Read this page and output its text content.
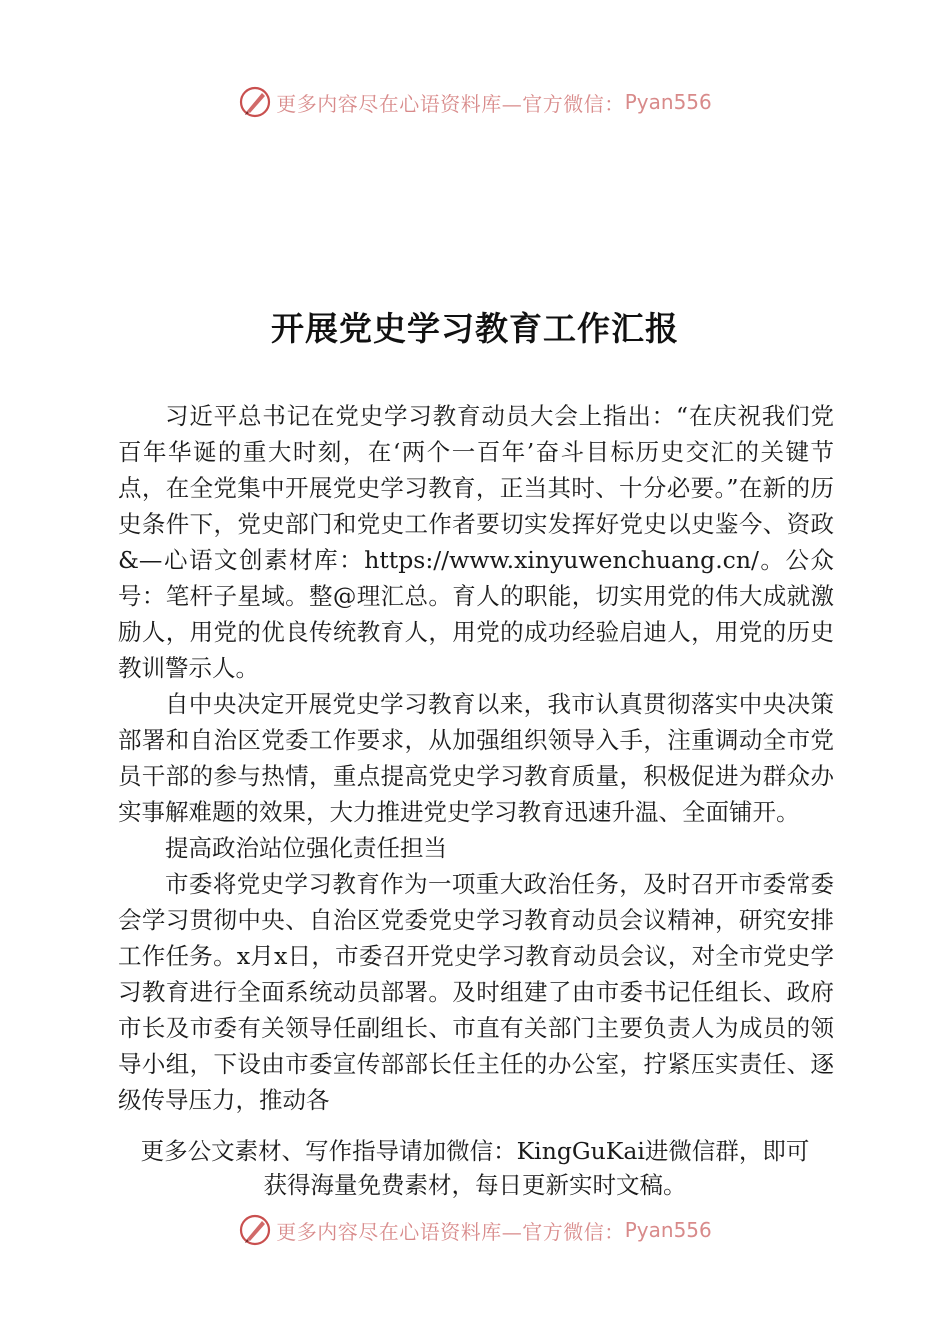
更多内容尽在心语资料库—官方微信： Pyan556
开展党史学习教育工作汇报

习近平总书记在党史学习教育动员大会上指出：“在庆祝我们党百年华诞的重大时刻，在‘两个一百年’奋斗目标历史交汇的关键节点，在全党集中开展党史学习教育，正当其时、十分必要。”在新的历史条件下，党史部门和党史工作者要切实发挥好党史以史鉴今、资政&—心语文创素材库：https://www.xinyuwenchuang.cn/。公众号：笔杆子星域。整@理汇总。育人的职能，切实用党的伟大成就激励人，用党的优良传统教育人，用党的成功经验启迪人，用党的历史教训警示人。

自中央决定开展党史学习教育以来，我市认真贯彻落实中央决策部署和自治区党委工作要求，从加强组织领导入手，注重调动全市党员干部的参与热情，重点提高党史学习教育质量，积极促进为群众办实事解难题的效果，大力推进党史学习教育迅速升温、全面铺开。

提高政治站位强化责任担当

市委将党史学习教育作为一项重大政治任务，及时召开市委常委会学习贯彻中央、自治区党委党史学习教育动员会议精神，研究安排工作任务。x月x日，市委召开党史学习教育动员会议，对全市党史学习教育进行全面系统动员部署。及时组建了由市委书记任组长、政府市长及市委有关领导任副组长、市直有关部门主要负责人为成员的领导小组，下设由市委宣传部部长任主任的办公室，拧紧压实责任、逐级传导压力，推动各

更多公文素材、写作指导请加微信：KingGuKai进微信群，即可
获得海量免费素材，每日更新实时文稿。
更多内容尽在心语资料库—官方微信： Pyan556
